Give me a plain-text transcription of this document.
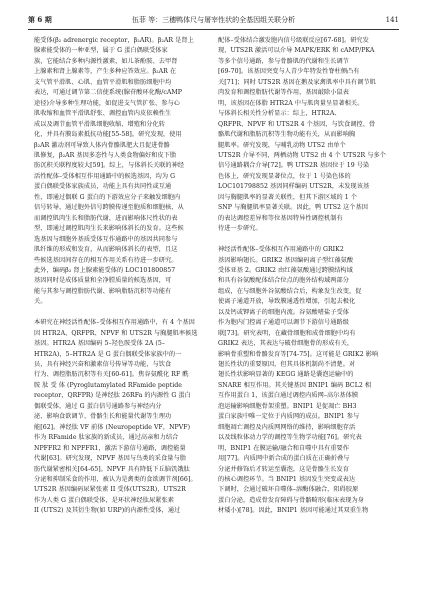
第 6 期	伍菲 等：三穗鸭体尺与屠宰性状的全基因组关联分析	141

能受体(β₂ adrenergic receptor，β₂AR)。β₂AR 是肾上

腺素能受体的一种亚型，属于 G 蛋白偶联受体家

族，它能结合多种内源性激素，如儿茶酚胺、去甲肾

上腺素和肾上腺素等，产生多种应答效应。β₂AR 在

支气管平滑肌、心肌、血管平滑肌和脂肪细胞中均

表达，可通过调节第二信使系统(腺苷酸环化酶/cAMP

途径)介导多种生理功能，如促进支气管扩张、参与心

肌收缩和血管平滑肌舒张、调控血管内皮依赖性生

成以及调节血管平滑肌细胞收缩、增殖和分化转

化，并具有膜岛素抵抗功能[55-58]。研究发现，使用

β₂AR 激动剂可导致人体内骨骼肌肥大且促进骨骼

肌修复，β₂AR 基因多态性与人类食物偏好和皮下脂

肪沉积关联程度较大[59]。综上，与体斜长关联的神经

活性配体–受体相互作用通路中的候选基因，均为 G

蛋白偶联受体家族成员，功能上具有共同性或互通

性，即通过偶联 G 蛋白的下游效应分子来触发细胞内

信号转导，通过胞外信号跨膜传递至胞质和细胞核，从

而调控肌肉生长和脂肪代谢，进而影响体尺性状的表

型，即通过调控肌肉生长来影响体斜长的发育。这些候

选基因与细胞外基质受体互作通路中的基因共同参与

肌纤维的形成和发育，从而影响体斜长的表型，且这

些候选基因间存在的相互作用关系有待进一步研究。

此外，编码β₂ 肾上腺素能受体的 LOC101800857

基因同时是成体质量和全净膛质量的候选基因，可

能与其参与调控脂肪代谢、影响脂肪沉积等功能有

关。

本研究在神经活性配体–受体相互作用通路中，有 4 个基因

因 HTR2A、QRFPR、NPVF 和 UTS2R 与胸腿肌率候选

基因。HTR2A 基因编码 5–羟色胺受体 2A (5–

HTR2A)，5–HTR2A 是 G 蛋白偶联受体家族中的一

员，具有神经兴奋和激素信号传导等功能，与饮食

行为、调控脂肪沉积等有关[60-61]。焦谷氨酰化 RF 酰

胺 肽 受 体 (Pyroglutamylated RFamide peptide

receptor，QRFPR) 是神经肽 26RFa 的内源性 G 蛋白

偶联受体，通过 G 蛋白信号通路参与神经内分

泌、影响食欲调节、骨骼生长和能量代谢等生理功

能[62]。神经肽 VF 前体 (Neuropeptide VF，NPVF)

作为 RFamide 肽家族的新成员，通过高亲和力结合

NPFFR2 和 NPFFR1，激活下游信号通路，调控能量

代谢[63]。研究发现，NPVF 基因与鸟类的采食量与脂

肪代谢紧密相关[64-65]。NPVF 具有降低下丘脑饥饿肽

分泌和抑制采食的作用，被认为是禽类的食欲调节剂[66]。

UTS2R 基因编码尿紧张素 II 受体(UTS2R)，UTS2R

作为人类 G 蛋白偶联受体，是环状神经肽尿紧张素

II (UTS2) 及其衍生物(如 URP)的内源性受体，通过

配体–受体结合激发胞内信号级联反应[67-68]。研究发

现，UTS2R 激活可以介导 MAPK/ERK 和 cAMP/PKA

等多个信号通路，参与骨骼肌的代谢和生长调节

[69-70]。该基因突变与人青少年特发性脊柱侧凸有

关[71]；同时 UTS2R 基因在鹅及家禽肌率中具有调节肌

肉发育和调控脂肪代谢等作用，基因敲除小鼠表

明，该基因在体脂 HTR2A 中与肌肉量呈显著相关。

与体斜长相关性分析显示：综上，HTR2A、

QRFPR、NPVF 和 UTS2R 4 个基因，与饮食调控、骨

骼肌代谢和脂肪沉积等生物功能有关，从而影响胸

腿肌率。研究发现，与哺乳动物 UTS2 由单个

UTS2R 介导不同，两栖动物 UTS2 由 4 个 UTS2R 与多个

信号通路耦合介导[72]。鸭 UTS2R 基因位于 19 号染

色体上，研究发现显著位点，位于 1 号染色体的

LOC101798852 基因同样编码 UTS2R，未发现该基

因与胸腿肌率的显著关联性，但其下游区域的 1 个

SNP 与胸腿肌率显著关联。因此，鸭 UTS2 这个基因

的表达调控差异和等位基因特异性调控机制有

待进一步研究。

神经活性配体–受体相互作用通路中的 GRIK2

基因影响翅长。GRIK2 基因编码离子型红藻氨酸

受体亚基 2。GRIK2 由红藻氨酸通过跨膜结构域

和具有谷氨酸配体结合位点的胞外结构域两部分

组成，在与细胞外谷氨酸结合后，构象发生改变，促

使离子通道开放，导致膜通透性增加，引起去极化

以及钙或钾离子的细胞内流。谷氨酸嗜盐子受体

作为胞内门控离子通道可以调节下游信号通路级

联[73]。研究表明，在藏骨细胞和成骨细胞中均有

GRIK2 表达，其表达与破骨细胞骨的形成有关，

影响骨重塑和骨骼发育等[74-75]。这可能是 GRIK2 影响

翅长性状的重要原因，但其具体机制尚不清楚。对

翅长性状影响显著的 KEGG 通路是囊泡运输中的

SNARE 相互作用。其关键基因 BNIP1 编码 BCL2 相

互作用蛋白 1，该蛋白通过调控内质网–高尔基体膜

泡运输影响细胞骨架重塑。BNIP1 是促凋亡 BH3

蛋白家族中唯一定位于内质网的成员。BNIP1 参与

细胞凋亡调控及内质网网络的维持，影响细胞存活

以及线粒体动力学的调控等生物学功能[76]。研究表

明，BNIP1 在膜运输/融合和自噬中具有重要作

用[77]。内质网中新合成的蛋白质在正确折叠与

分泌并修饰后才转运至囊泡，这是骨骼生长发育

的核心调控环节。当 BNIP1 基因发生突变或表达

下调时，会通过破坏自噬体–溶酶体融合，阻碍胶原

蛋白分泌，造成骨发育障碍与骨骼畸形(临床表现为身

材矮小)[78]。因此，BNIP1 基因可能通过其双重生物
